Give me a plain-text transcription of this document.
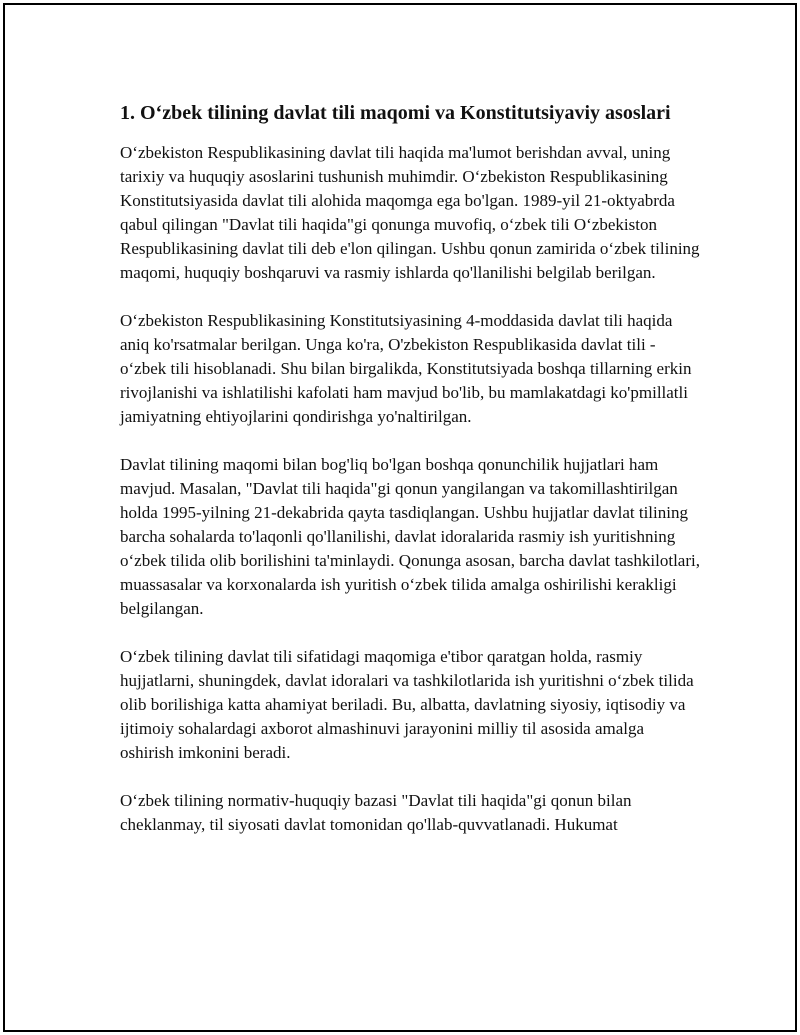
1. O‘zbek tilining davlat tili maqomi va Konstitutsiyaviy asoslari

O‘zbekiston Respublikasining davlat tili haqida ma'lumot berishdan avval, uning tarixiy va huquqiy asoslarini tushunish muhimdir. O‘zbekiston Respublikasining Konstitutsiyasida davlat tili alohida maqomga ega bo'lgan. 1989-yil 21-oktyabrda qabul qilingan "Davlat tili haqida"gi qonunga muvofiq, o‘zbek tili O‘zbekiston Respublikasining davlat tili deb e'lon qilingan. Ushbu qonun zamirida o‘zbek tilining maqomi, huquqiy boshqaruvi va rasmiy ishlarda qo'llanilishi belgilab berilgan.

O‘zbekiston Respublikasining Konstitutsiyasining 4-moddasida davlat tili haqida aniq ko'rsatmalar berilgan. Unga ko'ra, O'zbekiston Respublikasida davlat tili - o‘zbek tili hisoblanadi. Shu bilan birgalikda, Konstitutsiyada boshqa tillarning erkin rivojlanishi va ishlatilishi kafolati ham mavjud bo'lib, bu mamlakatdagi ko'pmillatli jamiyatning ehtiyojlarini qondirishga yo'naltirilgan.

Davlat tilining maqomi bilan bog'liq bo'lgan boshqa qonunchilik hujjatlari ham mavjud. Masalan, "Davlat tili haqida"gi qonun yangilangan va takomillashtirilgan holda 1995-yilning 21-dekabrida qayta tasdiqlangan. Ushbu hujjatlar davlat tilining barcha sohalarda to'laqonli qo'llanilishi, davlat idoralarida rasmiy ish yuritishning o‘zbek tilida olib borilishini ta'minlaydi. Qonunga asosan, barcha davlat tashkilotlari, muassasalar va korxonalarda ish yuritish o‘zbek tilida amalga oshirilishi kerakligi belgilangan.

O‘zbek tilining davlat tili sifatidagi maqomiga e'tibor qaratgan holda, rasmiy hujjatlarni, shuningdek, davlat idoralari va tashkilotlarida ish yuritishni o‘zbek tilida olib borilishiga katta ahamiyat beriladi. Bu, albatta, davlatning siyosiy, iqtisodiy va ijtimoiy sohalardagi axborot almashinuvi jarayonini milliy til asosida amalga oshirish imkonini beradi.

O‘zbek tilining normativ-huquqiy bazasi "Davlat tili haqida"gi qonun bilan cheklanmay, til siyosati davlat tomonidan qo'llab-quvvatlanadi. Hukumat
